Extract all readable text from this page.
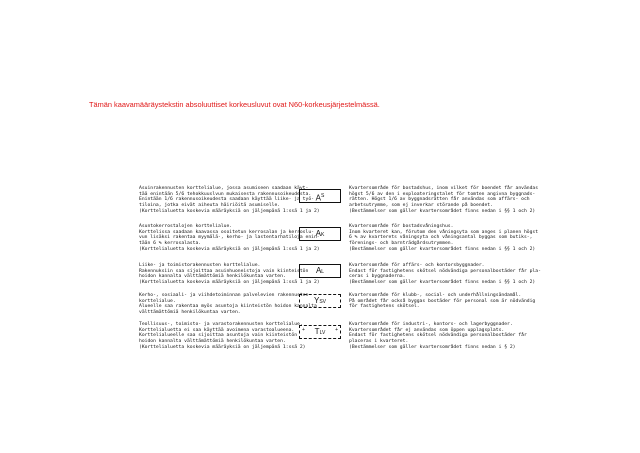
Tämän kaavamääräystekstin absoluuttiset korkeusluvut ovat N60-korkeusjärjestelmässä.
Asuinrakennusten korttelialue, jossa asumiseen saadaan käyt-
tää enintään 5/6 tehokkuuslvun mukaisesta rakennusoikeudesta.
Enintään 1/6 rakennusoikeudesta saadaan käyttää liike- ja työ-
tiloina, jotka eivät aiheuta häiriöitä asumiselle.
(Korttelialuetta koskevia määräyksiä on jäljempänä 1:ssä 1 ja 2)
$A^S$
Kvartersområde för bostadshus, inom vilket för boendet får användas
högst 5/6 av den i exploateringstalet för tomten angivna byggnads-
rätten. Högst 1/6 av byggnadsrätten får användas som affärs- och
arbetsutrymme, som ej inverkar störande på boendet.
(Bestämmelser som gäller kvartersområdet finns nedan i §§ 1 och 2)
Asuntokerrostalojen korttelialue.
Korttelissa saadaan kaavassa osoitetun kerrosalan ja kerroslu-
vun lisäksi rakentaa myymälä-, kerho- ja lastentarhatiloja enin-
tään 6 % kerrosalasta.
(Korttelialuetta koskevia määräyksiä on jäljempänä 1:ssä 1 ja 2)
AK
Kvartersområde för bostadsvåningshus.
Inom kvarteret kan, förutom den våningsyta som anges i planen högst
6 % av kvarterets våningsyta och våningsantal byggas som butiks-,
förenings- och barnträdgårdsutrymmen.
(Bestämmelser som gäller kvartersområdet finns nedan i §§ 1 och 2)
Liike- ja toimistorakennusten korttelialue.
Rakennuksiin saa sijoittaa asuinhuoneistoja vain kiinteistön
hoidon kannalta välttämättömiä henkilökuntaa varten.
(Korttelialuetta koskevia määräyksiä on jäljempänä 1:ssä 1 ja 2)
AL
Kvartersområde för affärs- och kontorsbyggnader.
Endast för fastighetens skötsel nödvändiga personalbostäder får pla-
ceras i byggnaderna.
(Bestämmelser som gäller kvartersområdet finns nedan i §§ 1 och 2)
Kerho-, sosiaali- ja viihdetoiminnan palvelevien rakennusten
korttelialue.
Alueelle saa rakentaa myös asuntoja kiinteistön hoidon kannalta
välttämättömiä henkilökuntaa varten.
YSV
Kvartersområde för klubb-, social- och underhållningsändamål.
På området får också byggas bostäder för personal som är nödvändig
för fastighetens skötsel.
Teollisuus-, toimisto- ja varastorakennusten korttelialue.
Korttelialuetta ei saa käyttää avoimena varastoalueena.
Korttelialueelle saa sijoittaa asuntoja vain kiinteistön
hoidon kannalta välttämättömiä henkilökuntaa varten.
(Korttelialuetta koskevia määräyksiä on jäljempänä 1:ssä 2)
+ TLV +
Kvartersområde för industri-, kontors- och lagerbyggnader.
Kvartersområdet får ej användas som öppen upplagsplats.
Endast för fastighetens skötsel nödvändiga personalbostäder får
placeras i kvarteret.
(Bestämmelser som gäller kvartersområdet finns nedan i § 2)
